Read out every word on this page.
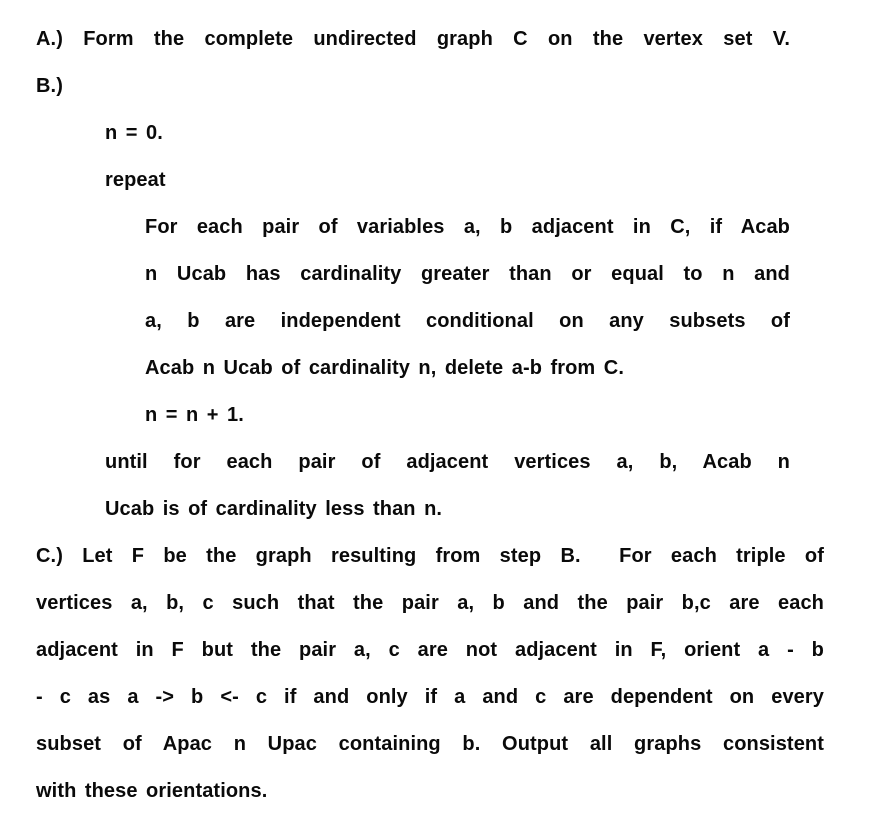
A.) Form the complete undirected graph C on the vertex set V.
B.)
n = 0.
repeat
For each pair of variables a, b adjacent in C, if Acab
n Ucab has cardinality greater than or equal to n and
a, b are independent conditional on any subsets of
Acab n Ucab of cardinality n, delete a-b from C.
n = n + 1.
until for each pair of adjacent vertices a, b, Acab n
Ucab is of cardinality less than n.
C.) Let F be the graph resulting from step B.  For each triple of
vertices a, b, c such that the pair a, b and the pair b,c are each
adjacent in F but the pair a, c are not adjacent in F, orient a - b
- c as a -> b <- c if and only if a and c are dependent on every
subset of Apac n Upac containing b. Output all graphs consistent
with these orientations.
